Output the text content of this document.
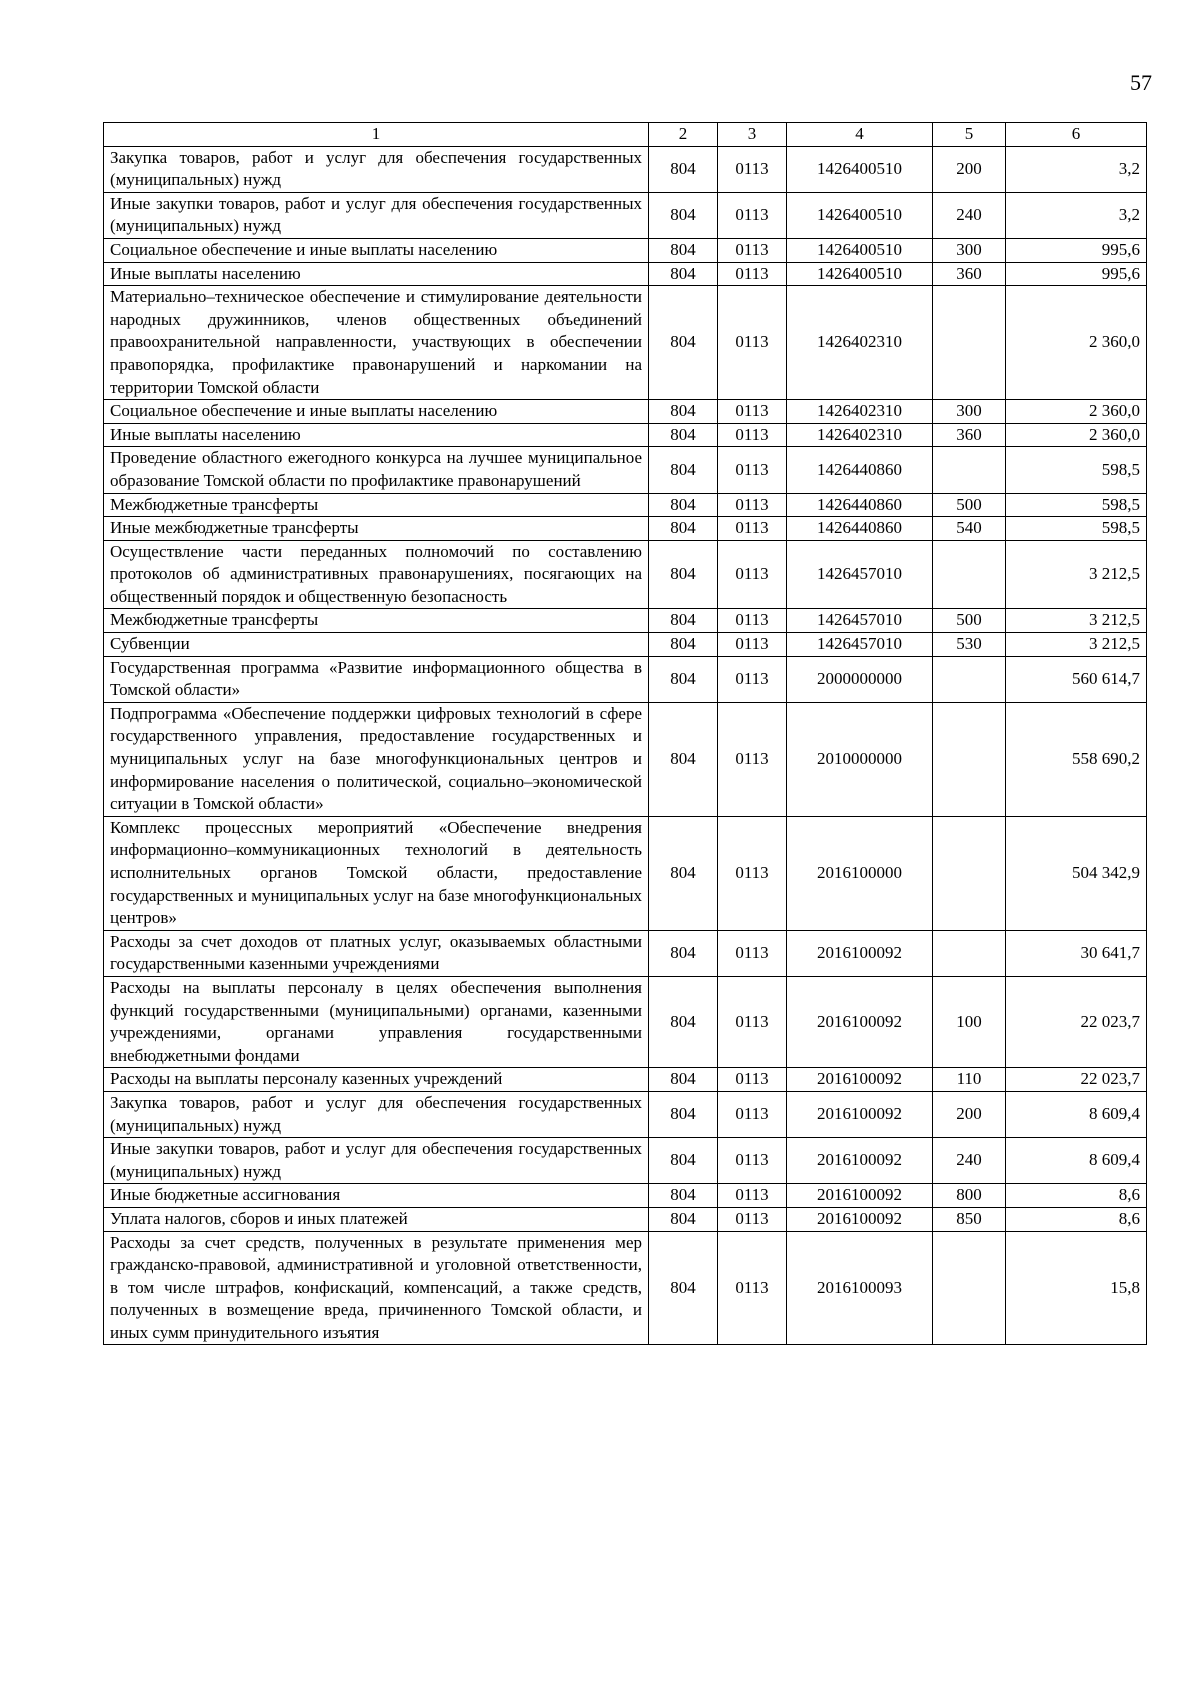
57
1	2	3	4	5	6
Закупка товаров, работ и услуг для обеспечения государственных (муниципальных) нужд	804	0113	1426400510	200	3,2
Иные закупки товаров, работ и услуг для обеспечения государственных (муниципальных) нужд	804	0113	1426400510	240	3,2
Социальное обеспечение и иные выплаты населению	804	0113	1426400510	300	995,6
Иные выплаты населению	804	0113	1426400510	360	995,6
Материально–техническое обеспечение и стимулирование деятельности народных дружинников, членов общественных объединений правоохранительной направленности, участвующих в обеспечении правопорядка, профилактике правонарушений и наркомании на территории Томской области	804	0113	1426402310		2 360,0
Социальное обеспечение и иные выплаты населению	804	0113	1426402310	300	2 360,0
Иные выплаты населению	804	0113	1426402310	360	2 360,0
Проведение областного ежегодного конкурса на лучшее муниципальное образование Томской области по профилактике правонарушений	804	0113	1426440860		598,5
Межбюджетные трансферты	804	0113	1426440860	500	598,5
Иные межбюджетные трансферты	804	0113	1426440860	540	598,5
Осуществление части переданных полномочий по составлению протоколов об административных правонарушениях, посягающих на общественный порядок и общественную безопасность	804	0113	1426457010		3 212,5
Межбюджетные трансферты	804	0113	1426457010	500	3 212,5
Субвенции	804	0113	1426457010	530	3 212,5
Государственная программа «Развитие информационного общества в Томской области»	804	0113	2000000000		560 614,7
Подпрограмма «Обеспечение поддержки цифровых технологий в сфере государственного управления, предоставление государственных и муниципальных услуг на базе многофункциональных центров и информирование населения о политической, социально–экономической ситуации в Томской области»	804	0113	2010000000		558 690,2
Комплекс процессных мероприятий «Обеспечение внедрения информационно–коммуникационных технологий в деятельность исполнительных органов Томской области, предоставление государственных и муниципальных услуг на базе многофункциональных центров»	804	0113	2016100000		504 342,9
Расходы за счет доходов от платных услуг, оказываемых областными государственными казенными учреждениями	804	0113	2016100092		30 641,7
Расходы на выплаты персоналу в целях обеспечения выполнения функций государственными (муниципальными) органами, казенными учреждениями, органами управления государственными внебюджетными фондами	804	0113	2016100092	100	22 023,7
Расходы на выплаты персоналу казенных учреждений	804	0113	2016100092	110	22 023,7
Закупка товаров, работ и услуг для обеспечения государственных (муниципальных) нужд	804	0113	2016100092	200	8 609,4
Иные закупки товаров, работ и услуг для обеспечения государственных (муниципальных) нужд	804	0113	2016100092	240	8 609,4
Иные бюджетные ассигнования	804	0113	2016100092	800	8,6
Уплата налогов, сборов и иных платежей	804	0113	2016100092	850	8,6
Расходы за счет средств, полученных в результате применения мер гражданско-правовой, административной и уголовной ответственности, в том числе штрафов, конфискаций, компенсаций, а также средств, полученных в возмещение вреда, причиненного Томской области, и иных сумм принудительного изъятия	804	0113	2016100093		15,8
